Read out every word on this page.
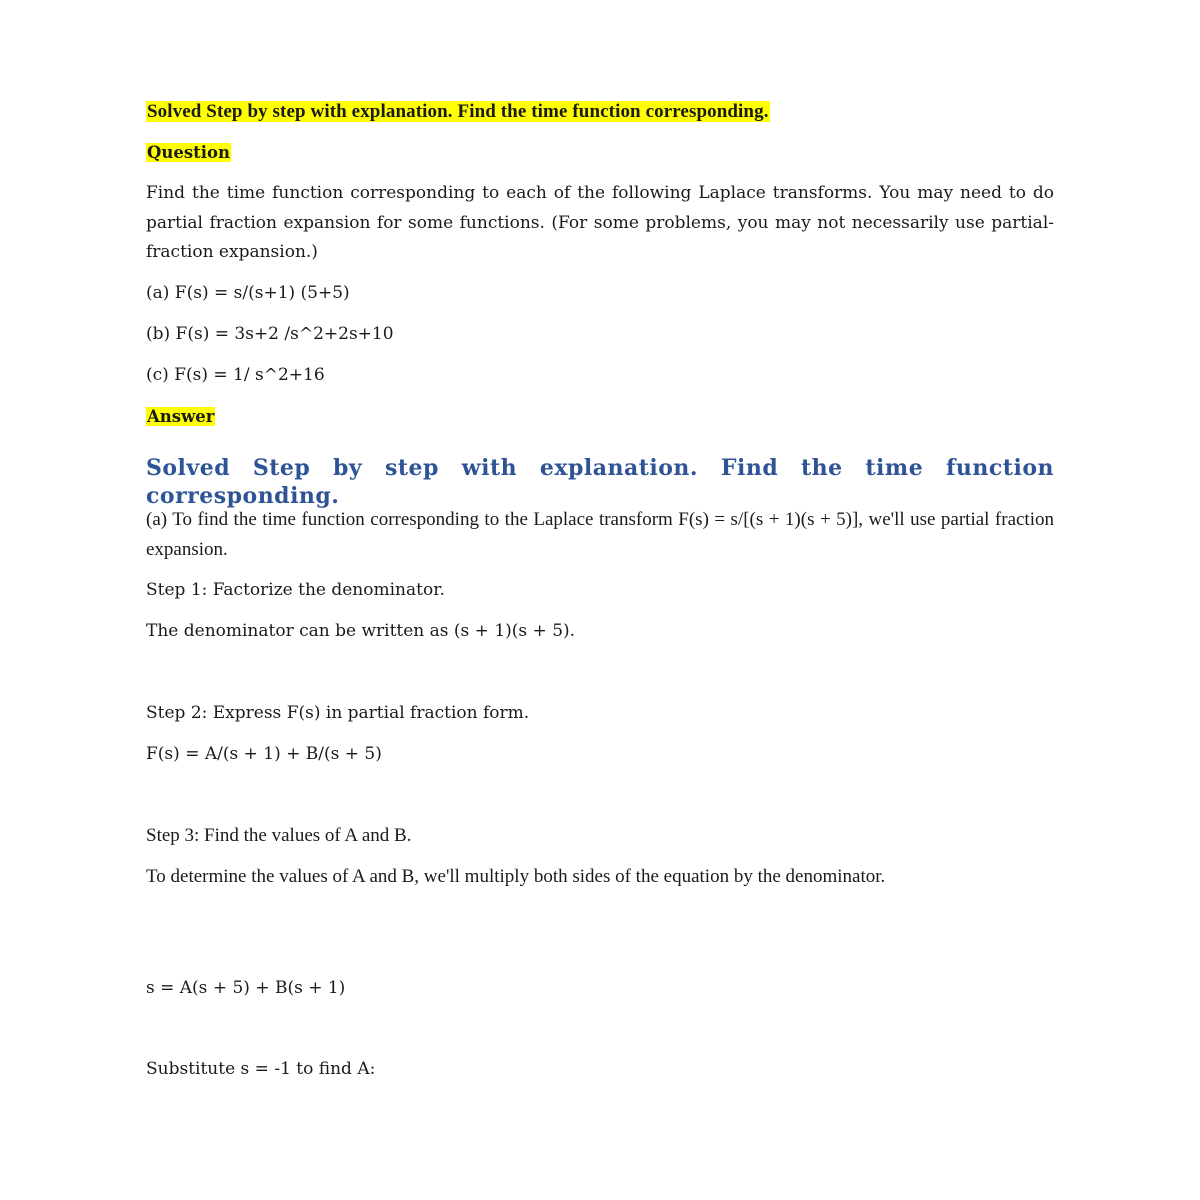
Solved Step by step with explanation. Find the time function corresponding.

Question

Find the time function corresponding to each of the following Laplace transforms. You may need to do partial fraction expansion for some functions. (For some problems, you may not necessarily use partial-fraction expansion.)

(a) F(s) = s/(s+1) (5+5)

(b) F(s) = 3s+2 /s^2+2s+10

(c) F(s) = 1/ s^2+16

Answer

Solved Step by step with explanation. Find the time function corresponding.

(a) To find the time function corresponding to the Laplace transform F(s) = s/[(s + 1)(s + 5)], we'll use partial fraction expansion.

Step 1: Factorize the denominator.

The denominator can be written as (s + 1)(s + 5).

Step 2: Express F(s) in partial fraction form.

F(s) = A/(s + 1) + B/(s + 5)

Step 3: Find the values of A and B.

To determine the values of A and B, we'll multiply both sides of the equation by the denominator.

s = A(s + 5) + B(s + 1)

Substitute s = -1 to find A:
